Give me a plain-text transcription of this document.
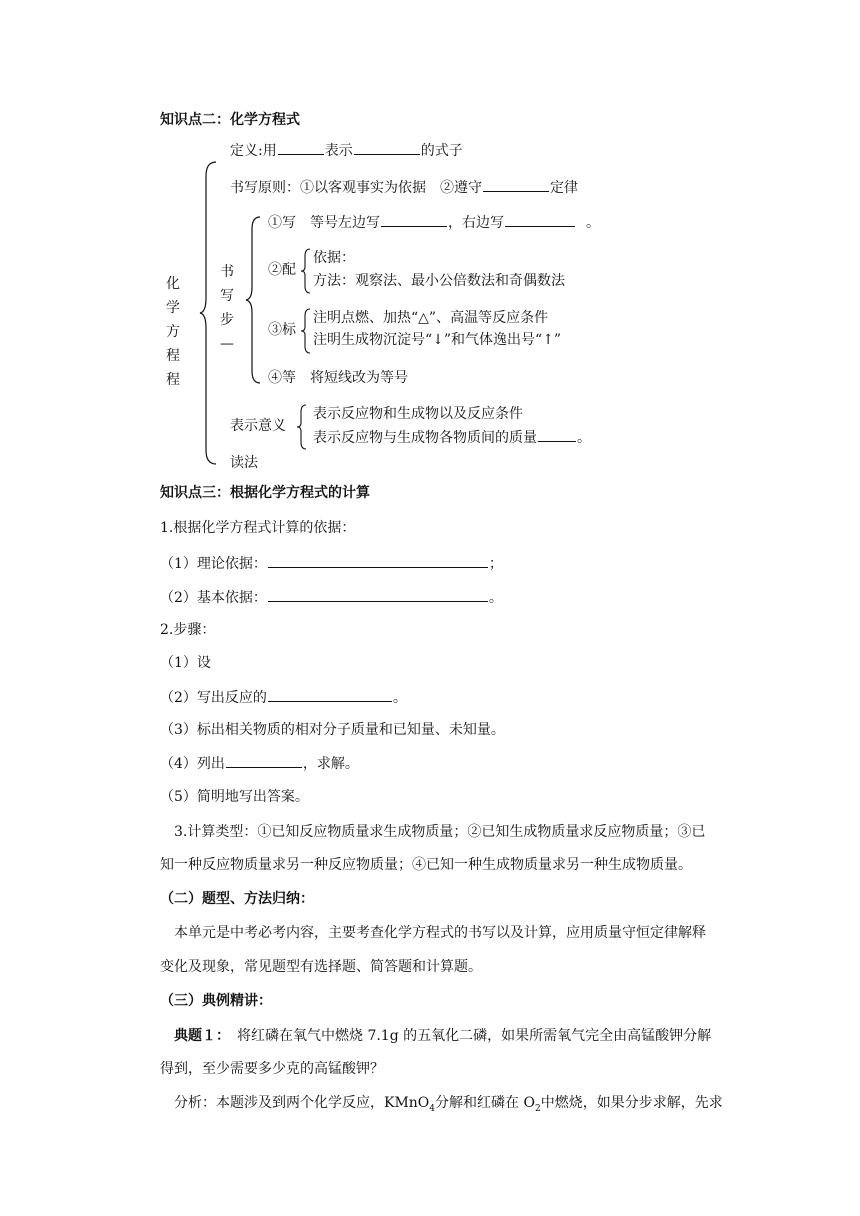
知识点二：化学方程式
化学方程程
定义:用	表示	的式子
书写原则：①以客观事实为依据　②遵守	定律
书写步—
①写　等号左边写	，右边写	。
②配
依据：
方法：观察法、最小公倍数法和奇偶数法
③标
注明点燃、加热“△”、高温等反应条件
注明生成物沉淀号“↓”和气体逸出号“↑”
④等　将短线改为等号
表示意义
表示反应物和生成物以及反应条件
表示反应物与生成物各物质间的质量	。
读法
知识点三：根据化学方程式的计算
1.根据化学方程式计算的依据：
（1）理论依据：	；
（2）基本依据：	。
2.步骤：
（1）设
（2）写出反应的	。
（3）标出相关物质的相对分子质量和已知量、未知量。
（4）列出	，求解。
（5）简明地写出答案。
3.计算类型：①已知反应物质量求生成物质量；②已知生成物质量求反应物质量；③已
知一种反应物质量求另一种反应物质量；④已知一种生成物质量求另一种生成物质量。
（二）题型、方法归纳：
本单元是中考必考内容，主要考查化学方程式的书写以及计算，应用质量守恒定律解释
变化及现象，常见题型有选择题、简答题和计算题。
（三）典例精讲：
典题１：　将红磷在氧气中燃烧 7.1g 的五氧化二磷，如果所需氧气完全由高锰酸钾分解
得到，至少需要多少克的高锰酸钾？
分析：本题涉及到两个化学反应，KMnO$_4$分解和红磷在 $O_2$中燃烧，如果分步求解，先求
